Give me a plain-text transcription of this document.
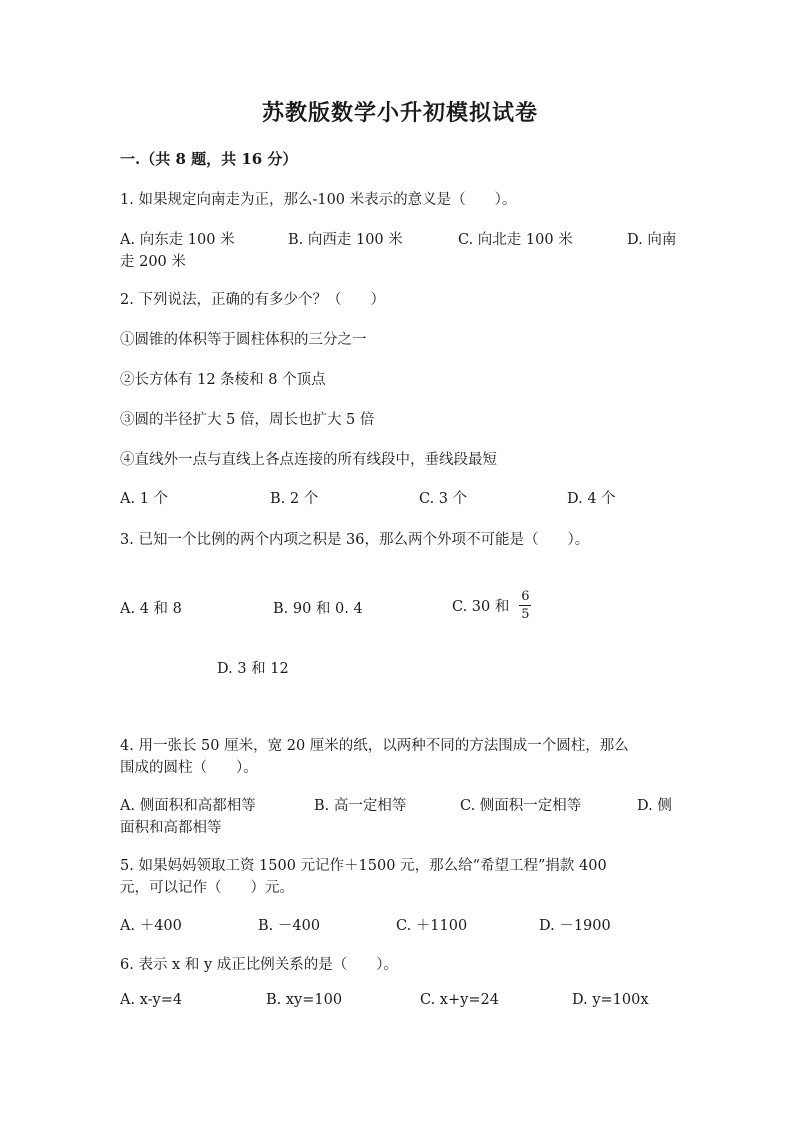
苏教版数学小升初模拟试卷
一.（共 8 题，共 16 分）
1. 如果规定向南走为正，那么-100 米表示的意义是（　　）。
A. 向东走 100 米	B. 向西走 100 米	C. 向北走 100 米	D. 向南
走 200 米
2. 下列说法，正确的有多少个？（　　）
①圆锥的体积等于圆柱体积的三分之一
②长方体有 12 条棱和 8 个顶点
③圆的半径扩大 5 倍，周长也扩大 5 倍
④直线外一点与直线上各点连接的所有线段中，垂线段最短
A. 1 个	B. 2 个	C. 3 个	D. 4 个
3. 已知一个比例的两个内项之积是 36，那么两个外项不可能是（　　）。
A. 4 和 8	B. 90 和 0. 4	C. 30 和 $\frac{6}{5}$
D. 3 和 12
4. 用一张长 50 厘米，宽 20 厘米的纸，以两种不同的方法围成一个圆柱，那么
围成的圆柱（　　）。
A. 侧面积和高都相等	B. 高一定相等	C. 侧面积一定相等	D. 侧
面积和高都相等
5. 如果妈妈领取工资 1500 元记作＋1500 元，那么给“希望工程”捐款 400
元，可以记作（　　）元。
A. ＋400	B. －400	C. ＋1100	D. －1900
6. 表示 x 和 y 成正比例关系的是（　　）。
A. x-y=4	B. xy=100	C. x+y=24	D. y=100x
